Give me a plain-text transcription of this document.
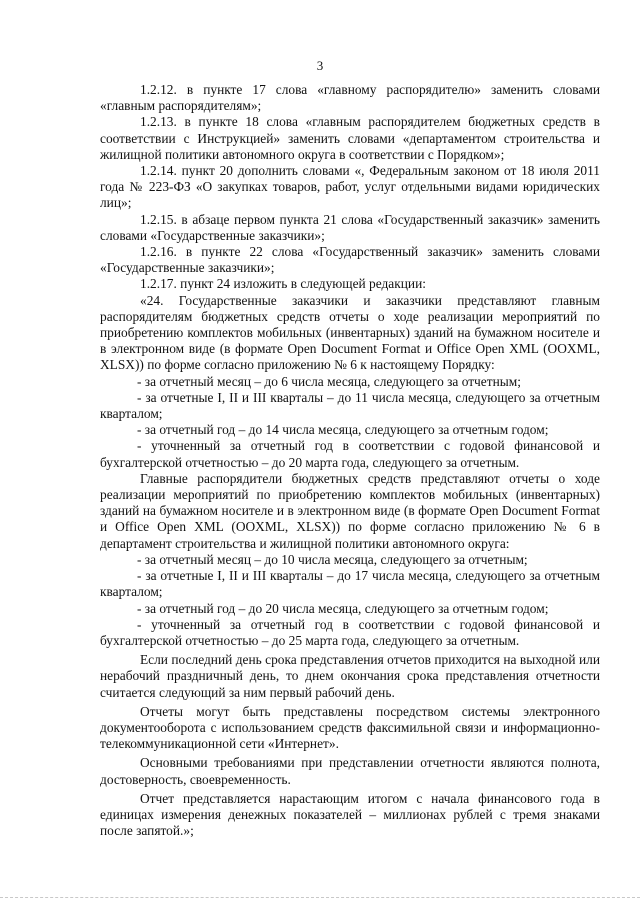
3

1.2.12. в пункте 17 слова «главному распорядителю» заменить словами «главным распорядителям»;

1.2.13. в пункте 18 слова «главным распорядителем бюджетных средств в соответствии с Инструкцией» заменить словами «департаментом строительства и жилищной политики автономного округа в соответствии с Порядком»;

1.2.14. пункт 20 дополнить словами «, Федеральным законом от 18 июля 2011 года № 223-ФЗ «О закупках товаров, работ, услуг отдельными видами юридических лиц»;

1.2.15. в абзаце первом пункта 21 слова «Государственный заказчик» заменить словами «Государственные заказчики»;

1.2.16. в пункте 22 слова «Государственный заказчик» заменить словами «Государственные заказчики»;

1.2.17. пункт 24 изложить в следующей редакции:

«24. Государственные заказчики и заказчики представляют главным распорядителям бюджетных средств отчеты о ходе реализации мероприятий по приобретению комплектов мобильных (инвентарных) зданий на бумажном носителе и в электронном виде (в формате Open Document Format и Office Open XML (OOXML, XLSX)) по форме согласно приложению № 6 к настоящему Порядку:

- за отчетный месяц – до 6 числа месяца, следующего за отчетным;

- за отчетные I, II и III кварталы – до 11 числа месяца, следующего за отчетным кварталом;

- за отчетный год – до 14 числа месяца, следующего за отчетным годом;

- уточненный за отчетный год в соответствии с годовой финансовой и бухгалтерской отчетностью – до 20 марта года, следующего за отчетным.

Главные распорядители бюджетных средств представляют отчеты о ходе реализации мероприятий по приобретению комплектов мобильных (инвентарных) зданий на бумажном носителе и в электронном виде (в формате Open Document Format и Office Open XML (OOXML, XLSX)) по форме согласно приложению № 6 в департамент строительства и жилищной политики автономного округа:

- за отчетный месяц – до 10 числа месяца, следующего за отчетным;

- за отчетные I, II и III кварталы – до 17 числа месяца, следующего за отчетным кварталом;

- за отчетный год – до 20 числа месяца, следующего за отчетным годом;

- уточненный за отчетный год в соответствии с годовой финансовой и бухгалтерской отчетностью – до 25 марта года, следующего за отчетным.

Если последний день срока представления отчетов приходится на выходной или нерабочий праздничный день, то днем окончания срока представления отчетности считается следующий за ним первый рабочий день.

Отчеты могут быть представлены посредством системы электронного документооборота с использованием средств факсимильной связи и информационно-телекоммуникационной сети «Интернет».

Основными требованиями при представлении отчетности являются полнота, достоверность, своевременность.

Отчет представляется нарастающим итогом с начала финансового года в единицах измерения денежных показателей – миллионах рублей с тремя знаками после запятой.»;
